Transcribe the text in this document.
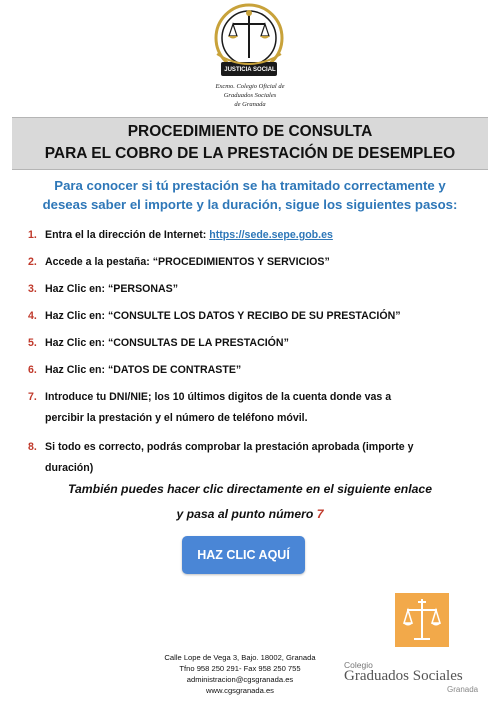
JUSTICIA SOCIAL
Excmo. Colegio Oficial de
Graduados Sociales
de Granada
PROCEDIMIENTO DE CONSULTA
PARA EL COBRO DE LA PRESTACIÓN DE DESEMPLEO
Para conocer si tú prestación se ha tramitado correctamente y
deseas saber el importe y la duración, sigue los siguientes pasos:
1. Entra el la dirección de Internet: https://sede.sepe.gob.es
2. Accede a la pestaña: “PROCEDIMIENTOS Y SERVICIOS”
3. Haz Clic en: “PERSONAS”
4. Haz Clic en: “CONSULTE LOS DATOS Y RECIBO DE SU PRESTACIÓN”
5. Haz Clic en: “CONSULTAS DE LA PRESTACIÓN”
6. Haz Clic en: “DATOS DE CONTRASTE”
7. Introduce tu DNI/NIE; los 10 últimos digitos de la cuenta donde vas a
percibir la prestación y el número de teléfono móvil.
8. Si todo es correcto, podrás comprobar la prestación aprobada (importe y
duración)
También puedes hacer clic directamente en el siguiente enlace
y pasa al punto número 7
HAZ CLIC AQUÍ
Calle Lope de Vega 3, Bajo. 18002, Granada
Tfno 958 250 291- Fax 958 250 755
administracion@cgsgranada.es
www.cgsgranada.es
Colegio
Graduados Sociales
Granada
